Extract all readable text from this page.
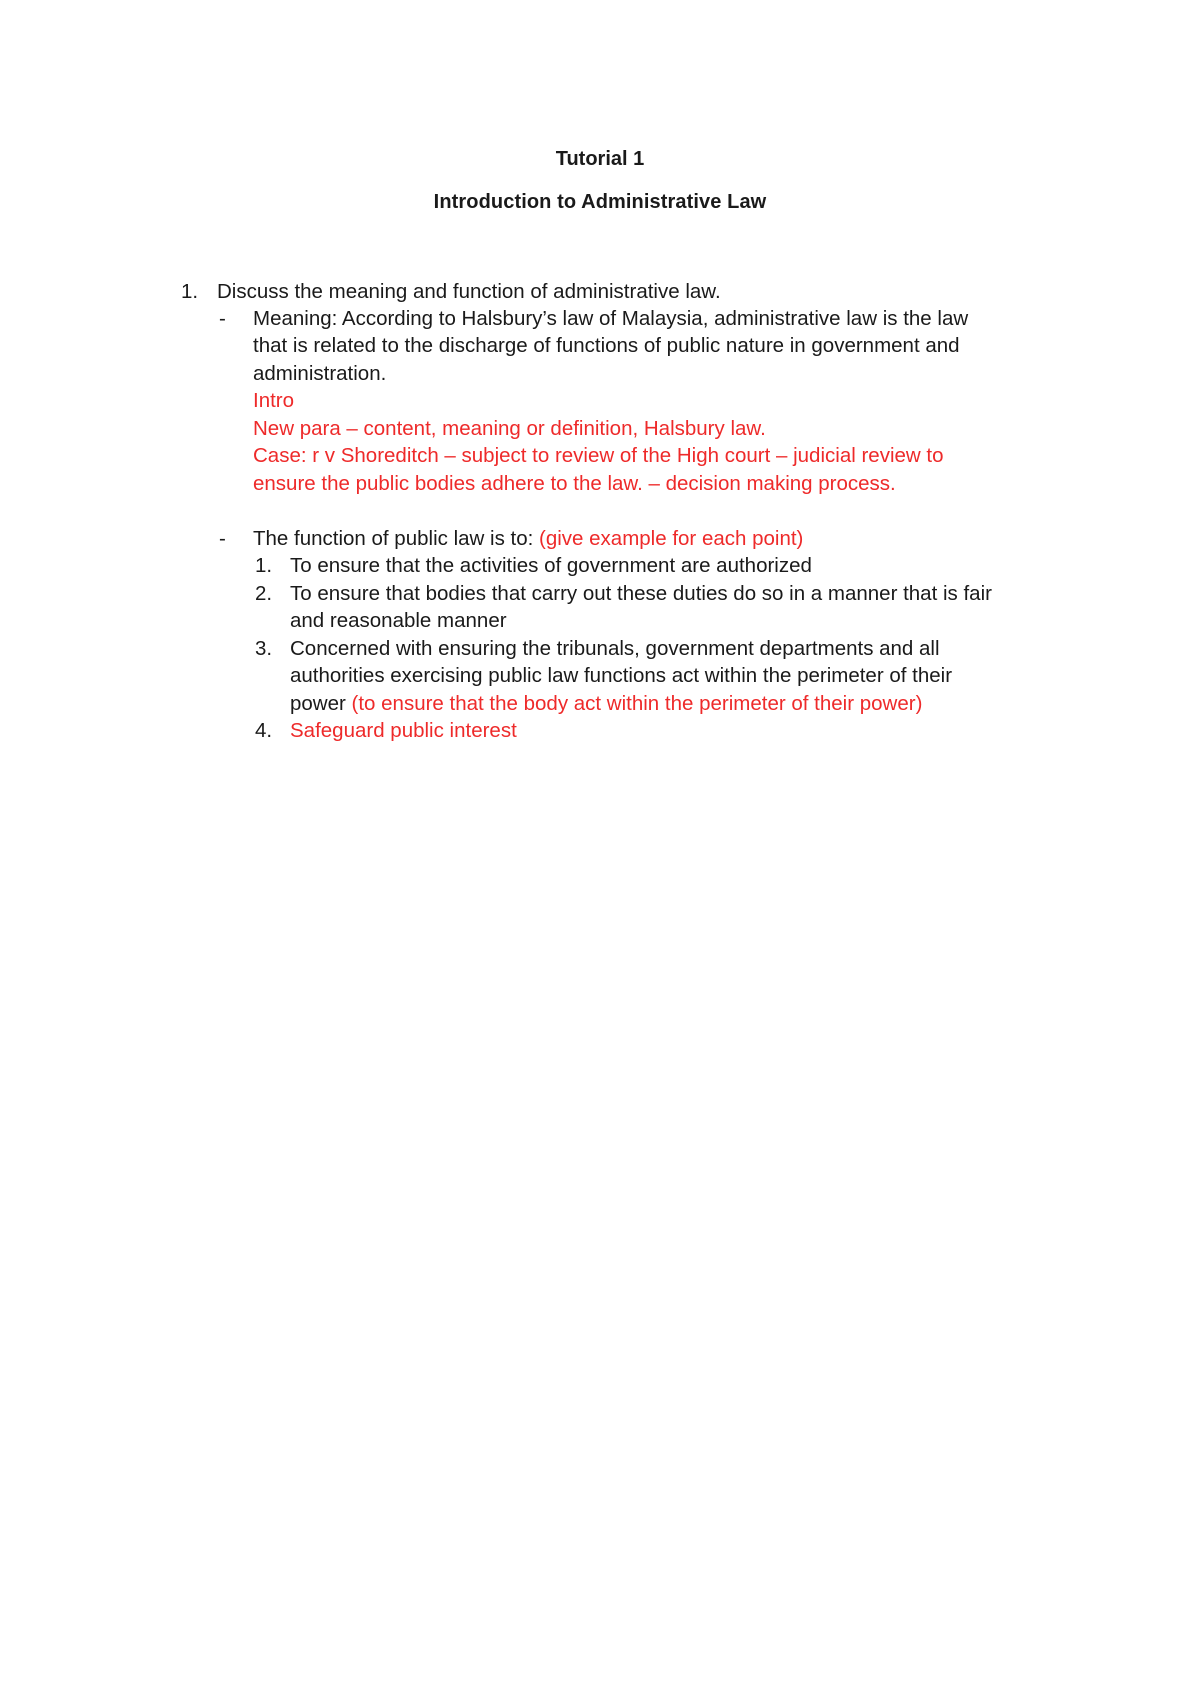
Tutorial 1
Introduction to Administrative Law
1. Discuss the meaning and function of administrative law.
- Meaning: According to Halsbury’s law of Malaysia, administrative law is the law
that is related to the discharge of functions of public nature in government and
administration.
Intro
New para – content, meaning or definition, Halsbury law.
Case: r v Shoreditch – subject to review of the High court – judicial review to
ensure the public bodies adhere to the law. – decision making process.
- The function of public law is to: (give example for each point)
1. To ensure that the activities of government are authorized
2. To ensure that bodies that carry out these duties do so in a manner that is fair
and reasonable manner
3. Concerned with ensuring the tribunals, government departments and all
authorities exercising public law functions act within the perimeter of their
power (to ensure that the body act within the perimeter of their power)
4. Safeguard public interest
